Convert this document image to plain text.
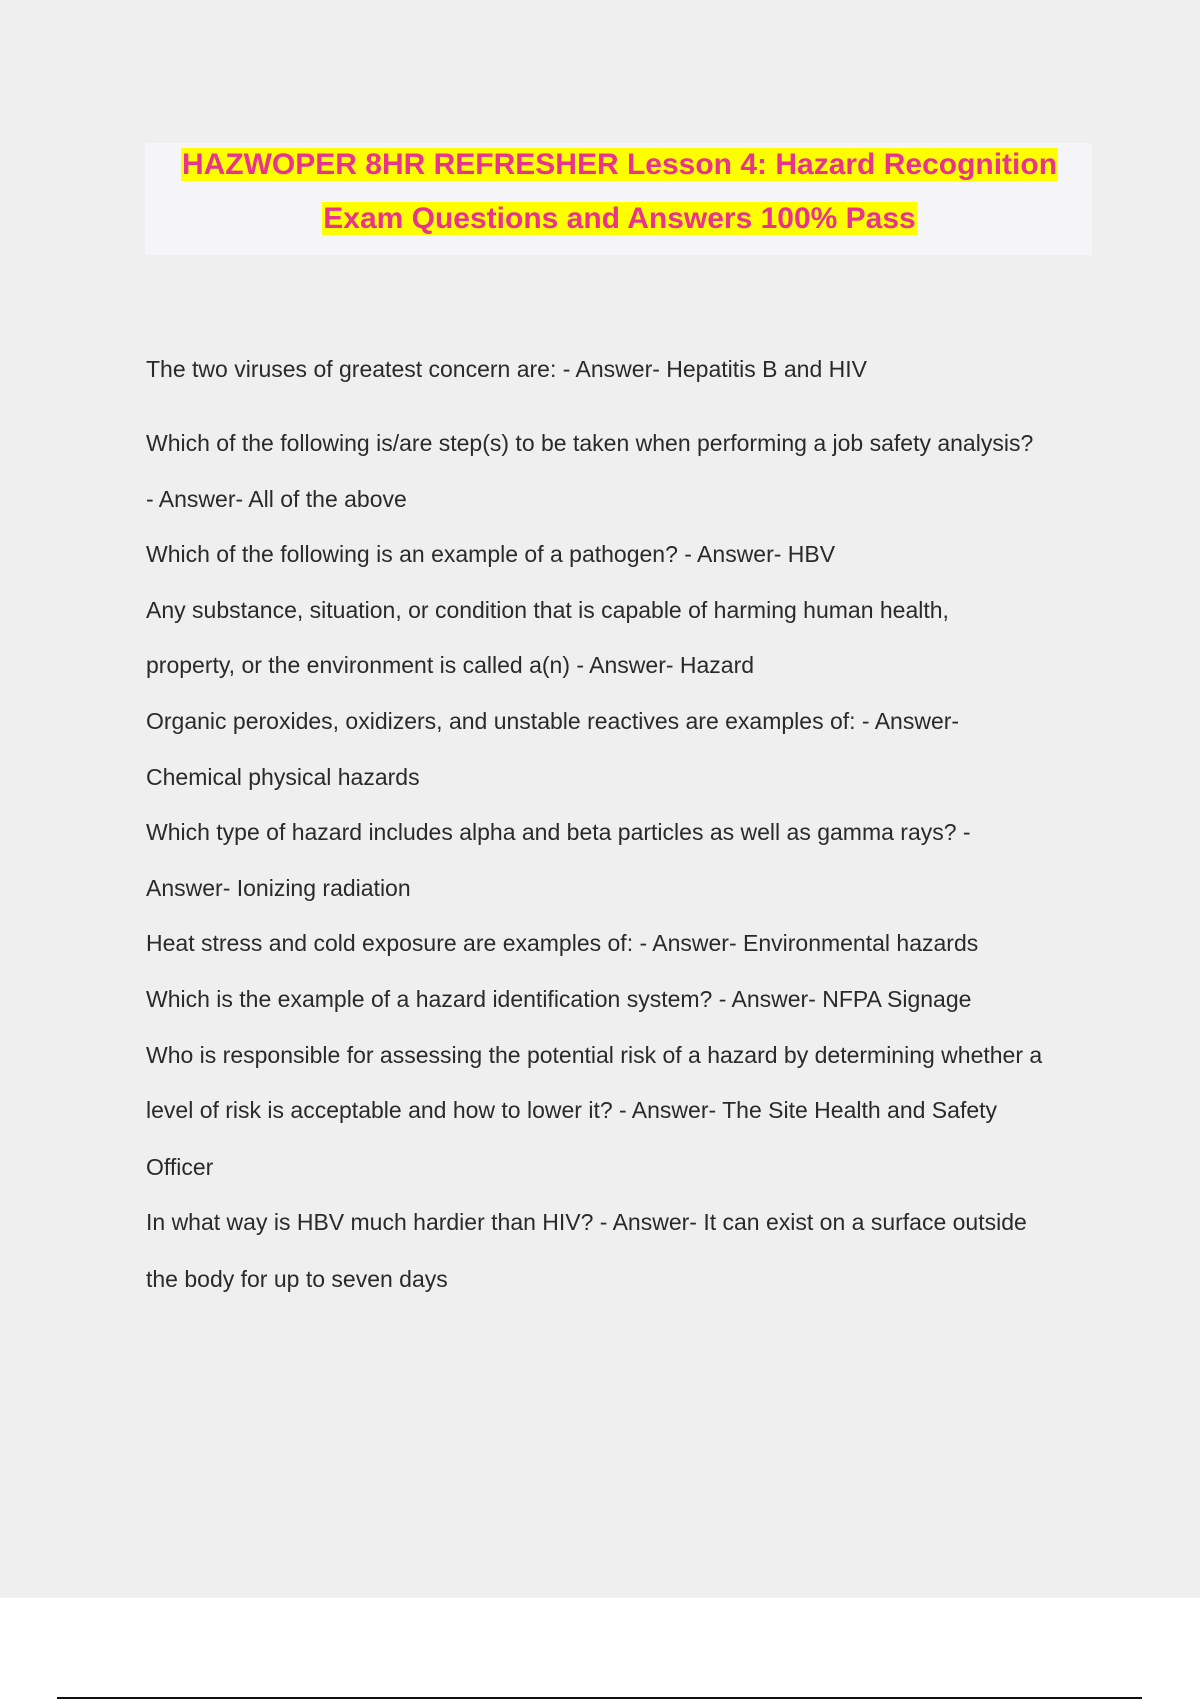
HAZWOPER 8HR REFRESHER Lesson 4: Hazard Recognition
Exam Questions and Answers 100% Pass
The two viruses of greatest concern are: - Answer- Hepatitis B and HIV
Which of the following is/are step(s) to be taken when performing a job safety analysis?
- Answer- All of the above
Which of the following is an example of a pathogen? - Answer- HBV
Any substance, situation, or condition that is capable of harming human health,
property, or the environment is called a(n) - Answer- Hazard
Organic peroxides, oxidizers, and unstable reactives are examples of: - Answer-
Chemical physical hazards
Which type of hazard includes alpha and beta particles as well as gamma rays? -
Answer- Ionizing radiation
Heat stress and cold exposure are examples of: - Answer- Environmental hazards
Which is the example of a hazard identification system? - Answer- NFPA Signage
Who is responsible for assessing the potential risk of a hazard by determining whether a
level of risk is acceptable and how to lower it? - Answer- The Site Health and Safety
Officer
In what way is HBV much hardier than HIV? - Answer- It can exist on a surface outside
the body for up to seven days
